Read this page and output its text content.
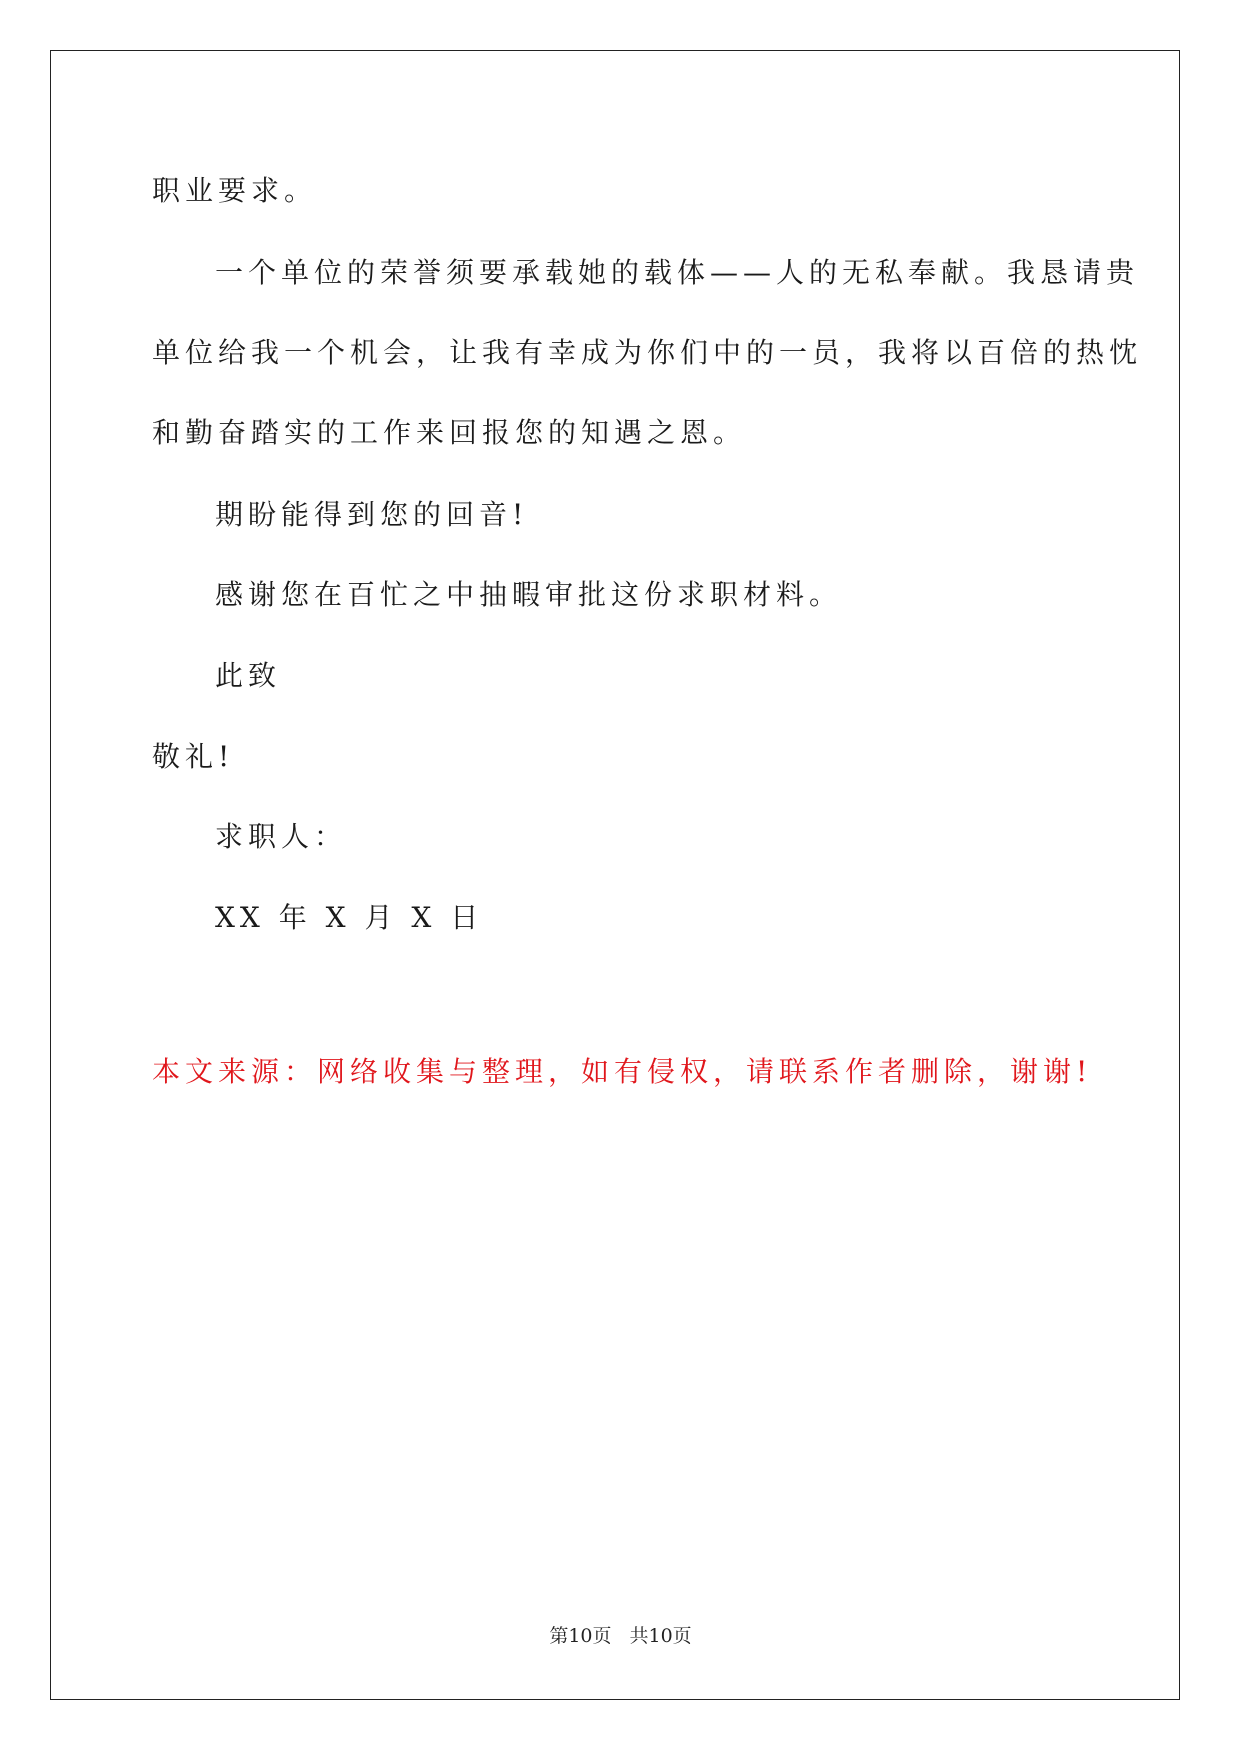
职业要求。
一个单位的荣誉须要承载她的载体——人的无私奉献。我恳请贵
单位给我一个机会，让我有幸成为你们中的一员，我将以百倍的热忱
和勤奋踏实的工作来回报您的知遇之恩。
期盼能得到您的回音!
感谢您在百忙之中抽暇审批这份求职材料。
此致
敬礼!
求职人：
XX 年 X 月 X 日
本文来源：网络收集与整理，如有侵权，请联系作者删除，谢谢!
第10页 共10页
